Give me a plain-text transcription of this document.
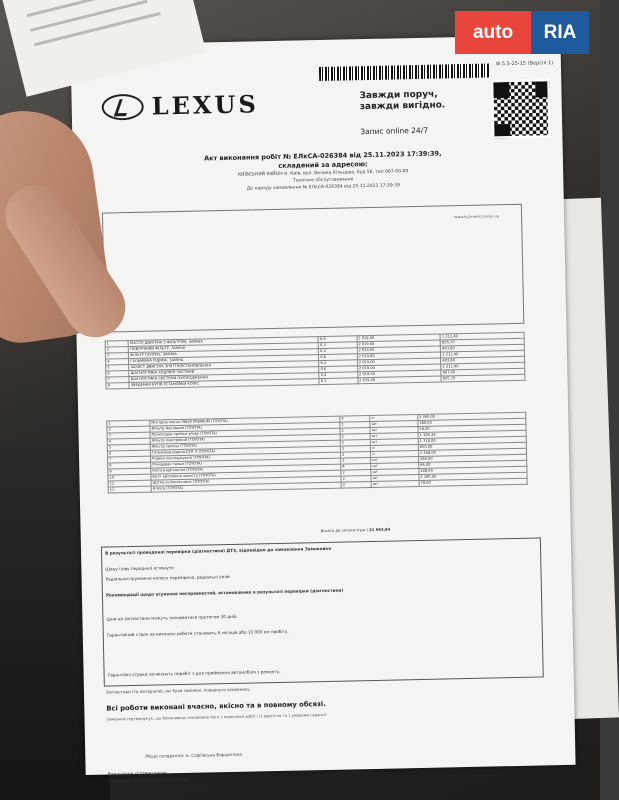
LEXUS
Ф.5.5-25-15 (Версія 1)
Завжди поруч, завжди вигідно.
Запис online 24/7
Акт виконання робіт № EЛкСА-026384 від 25.11.2023 17:39:39,
складений за адресою:
КИЇВСЬКИЙ РАЙОН м. Київ, вул. Велика Кільцева, буд 58, тел 067-00-00
Технічне обслуговування
До наряду замовлення № EЛкСА-026384 від 25.11.2023 17:39:39
www.kyiv-west.lexus.ua
1	МАСЛО ДВИГУНА З ФІЛЬТРОМ, ЗАМІНА	0,6	2 019,00	1 211,40
2	ПОВІТРЯНИЙ ФІЛЬТР, ЗАМІНА	0,3	2 019,00	605,70
3	ФІЛЬТР САЛОНУ, ЗАМІНА	0,2	2 019,00	403,80
4	ГАЛЬМІВНА РІДИНА, ЗАМІНА	0,6	2 019,00	1 211,40
5	ЗАХИСТ ДВИГУНА ЗНЯТТЯ/ВСТАНОВЛЕННЯ	0,2	2 019,00	403,80
6	ДІАГНОСТИКА ХОДОВОЇ ЧАСТИНИ	0,6	2 019,00	1 211,40
7	ДІАГНОСТИКА СИСТЕМИ ОХОЛОДЖЕННЯ	0,4	2 019,00	807,60
8	ЗВЕДЕННЯ КУТІВ УСТАНОВКИ КОЛІС	0,3	2 019,00	605,70
1	Моторне масло 0W20 PREMIUM (TOYOTA)	4	л	2 260,00
2	Фільтр масляний (TOYOTA)	1	шт	380,00
3	Прокладка пробки зливу (TOYOTA)	1	шт	58,00
4	Фільтр повітряний (TOYOTA)	1	шт	1 108,34
5	Фільтр салону (TOYOTA)	1	шт	1 318,00
6	Гальмівна рідина DOT 4 (TOYOTA)	1	л	850,00
7	Рідина охолоджуюча (TOYOTA)	2	л	1 448,00
8	Очищувач гальм (TOYOTA)	1	шт	346,00
9	Кліпса кріплення (TOYOTA)	4	шт	96,00
10	Болт кріплення захисту (TOYOTA)	2	шт	188,00
11	Щітка склоочисника (TOYOTA)	2	шт	2 180,00
12	Кліпса (TOYOTA)	2	шт	78,00
Всього до сплати (грн.) 21 663,84
В результаті проведеної перевірки (діагностики) ДТЗ, відповідно до замовлення Замовника
Шину (ліву передню) оглянуто
Радіально-пружинне колесо перевірено, радіальні сили
Рекомендації щодо усунення несправностей, встановлених в результаті перевірки (діагностики)
Ціни на запчастини можуть змінюватися протягом 30 днів.
Гарантійний строк на виконані роботи становить 6 місяців або 10 000 км пробігу.
Гарантійні строки починають перебіг з дня приймання автомобіля з ремонту.
Запчастини (та матеріали), які були замінені, повернуто замовнику.
Всі роботи виконані вчасно, якісно та в повному обсязі.
Замовник підтверджує, що Виконавець ознайомив його з переліком робіт і їх вартістю та з умовами гарантії.
Місце складання: м. Софіївська Борщагівка
Виконання підтверджую.
Претензій до якості робіт не маю.
auto	RIA
